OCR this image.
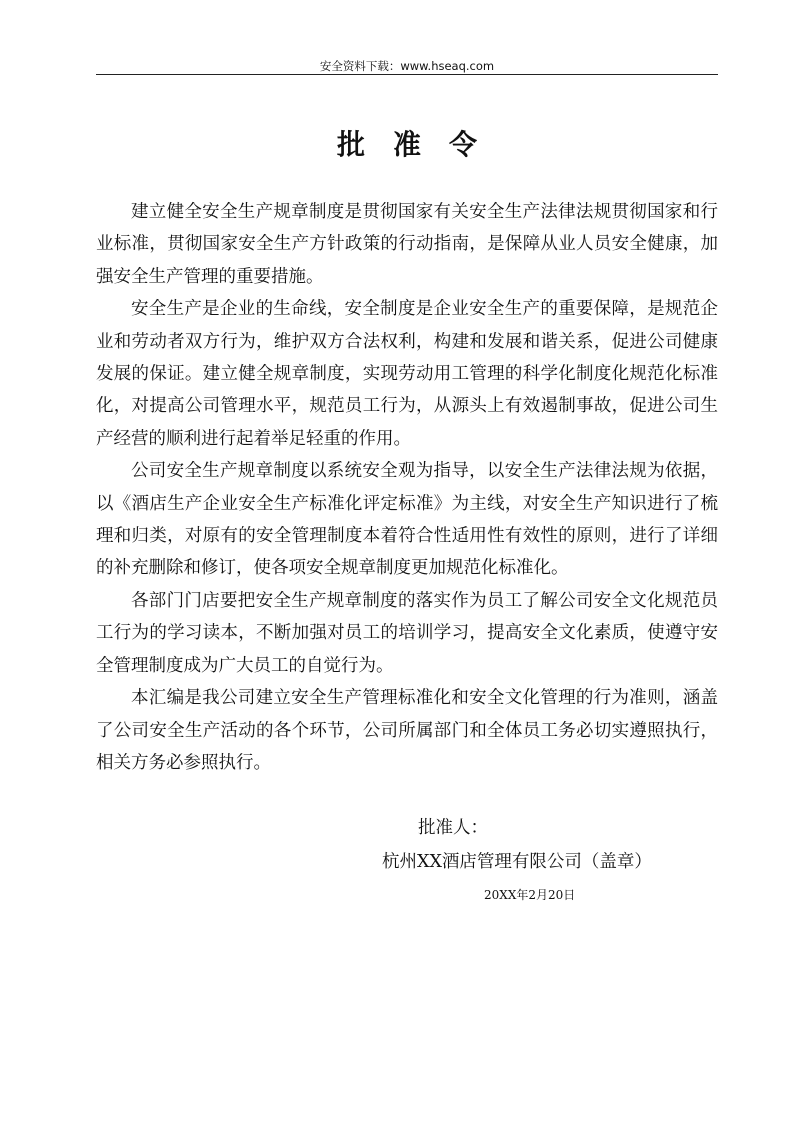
安全资料下载：www.hseaq.com
批准令

建立健全安全生产规章制度是贯彻国家有关安全生产法律法规贯彻国家和行业标准，贯彻国家安全生产方针政策的行动指南，是保障从业人员安全健康，加强安全生产管理的重要措施。

安全生产是企业的生命线，安全制度是企业安全生产的重要保障，是规范企业和劳动者双方行为，维护双方合法权利，构建和发展和谐关系，促进公司健康发展的保证。建立健全规章制度，实现劳动用工管理的科学化制度化规范化标准化，对提高公司管理水平，规范员工行为，从源头上有效遏制事故，促进公司生产经营的顺利进行起着举足轻重的作用。

公司安全生产规章制度以系统安全观为指导，以安全生产法律法规为依据，以《酒店生产企业安全生产标准化评定标准》为主线，对安全生产知识进行了梳理和归类，对原有的安全管理制度本着符合性适用性有效性的原则，进行了详细的补充删除和修订，使各项安全规章制度更加规范化标准化。

各部门门店要把安全生产规章制度的落实作为员工了解公司安全文化规范员工行为的学习读本，不断加强对员工的培训学习，提高安全文化素质，使遵守安全管理制度成为广大员工的自觉行为。

本汇编是我公司建立安全生产管理标准化和安全文化管理的行为准则，涵盖了公司安全生产活动的各个环节，公司所属部门和全体员工务必切实遵照执行，相关方务必参照执行。

批准人：
杭州XX酒店管理有限公司（盖章）
20XX年2月20日
